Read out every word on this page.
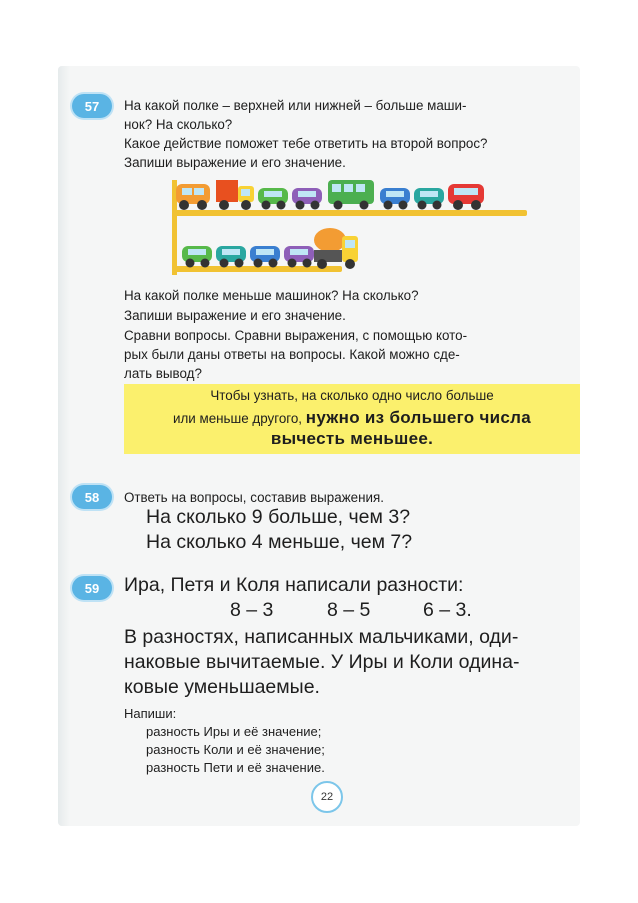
57	На какой полке – верхней или нижней – больше маши-
нок? На сколько?
Какое действие поможет тебе ответить на второй вопрос?
Запиши выражение и его значение.
На какой полке меньше машинок? На сколько?
Запиши выражение и его значение.
Сравни вопросы. Сравни выражения, с помощью кото-
рых были даны ответы на вопросы. Какой можно сде-
лать вывод?
Чтобы узнать, на сколько одно число больше
или меньше другого, нужно из большего числа
вычесть меньшее.
58	Ответь на вопросы, составив выражения.
На сколько 9 больше, чем 3?
На сколько 4 меньше, чем 7?
59	Ира, Петя и Коля написали разности:
8 – 3	8 – 5	6 – 3.
В разностях, написанных мальчиками, оди-
наковые вычитаемые. У Иры и Коли одина-
ковые уменьшаемые.
Напиши:
разность Иры и её значение;
разность Коли и её значение;
разность Пети и её значение.
22
